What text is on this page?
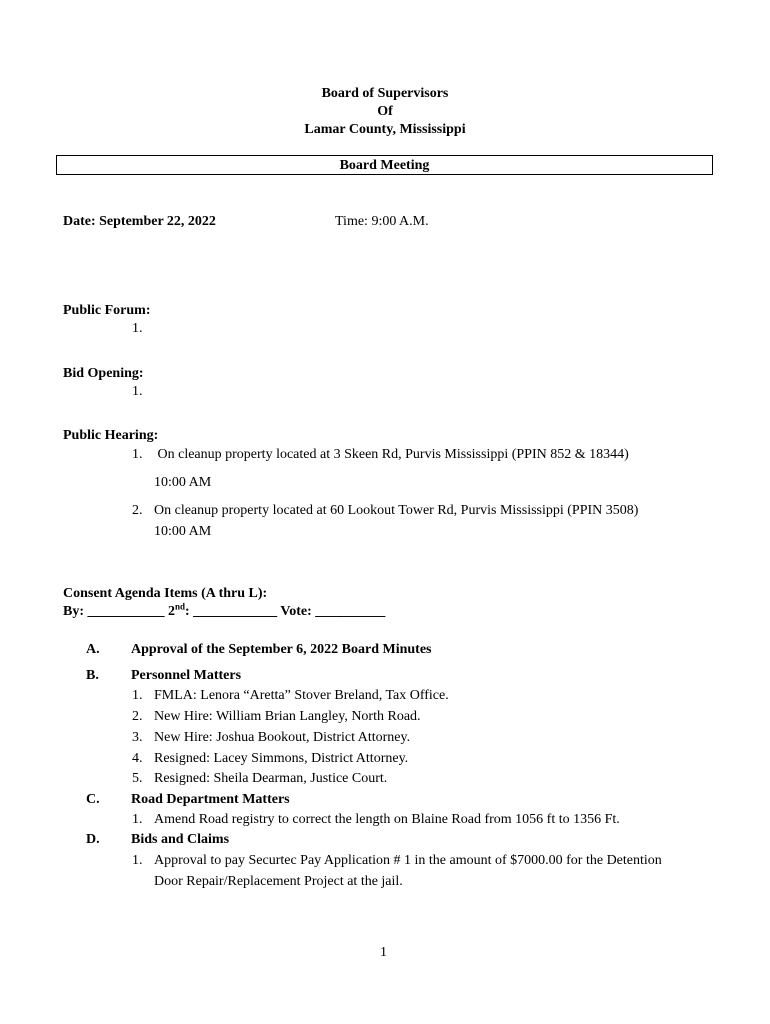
Board of Supervisors
Of
Lamar County, Mississippi
Board Meeting
Date: September 22, 2022	Time: 9:00 A.M.
Public Forum:
1.
Bid Opening:
1.
Public Hearing:
1. On cleanup property located at 3 Skeen Rd, Purvis Mississippi (PPIN 852 & 18344)
10:00 AM
2. On cleanup property located at 60 Lookout Tower Rd, Purvis Mississippi (PPIN 3508)
10:00 AM
Consent Agenda Items (A thru L):
By: ___________ 2nd: ____________ Vote: __________
A. Approval of the September 6, 2022 Board Minutes
B. Personnel Matters
1. FMLA: Lenora “Aretta” Stover Breland, Tax Office.
2. New Hire: William Brian Langley, North Road.
3. New Hire: Joshua Bookout, District Attorney.
4. Resigned: Lacey Simmons, District Attorney.
5. Resigned: Sheila Dearman, Justice Court.
C. Road Department Matters
1. Amend Road registry to correct the length on Blaine Road from 1056 ft to 1356 Ft.
D. Bids and Claims
1. Approval to pay Securtec Pay Application # 1 in the amount of $7000.00 for the Detention
Door Repair/Replacement Project at the jail.
1
